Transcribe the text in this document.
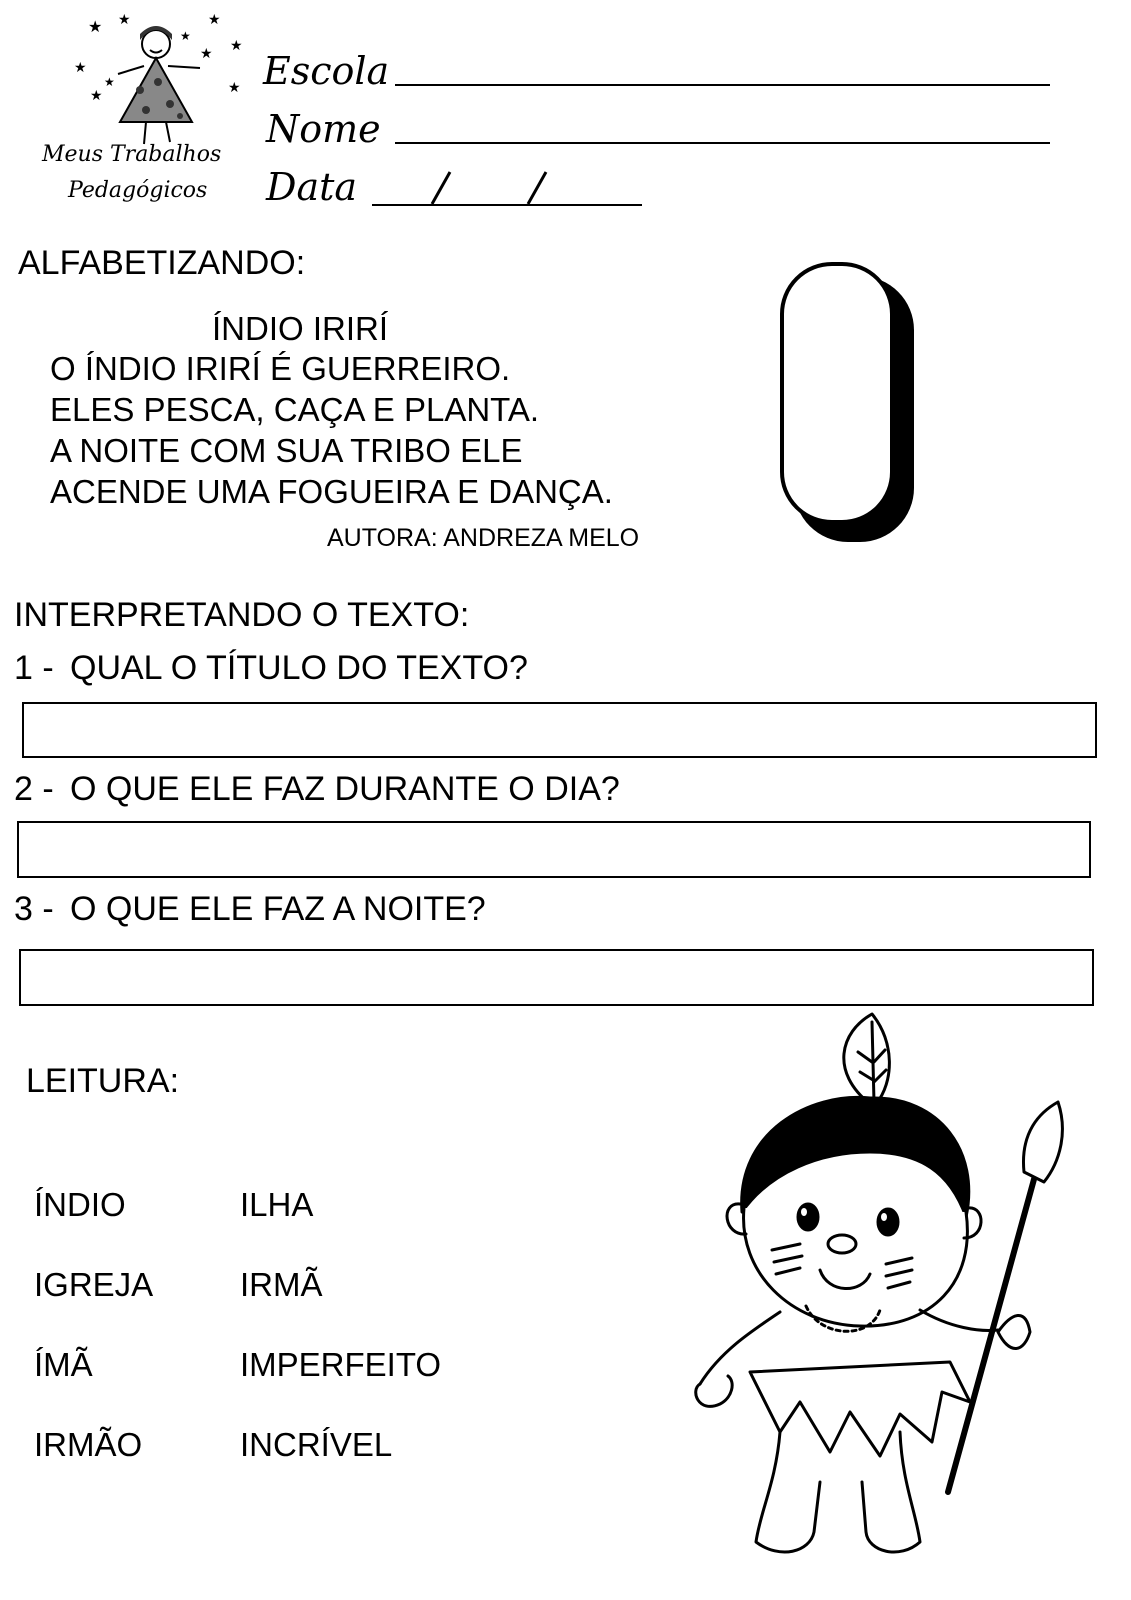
★ ★	★
★
★
★
★	★
★
★
Meus Trabalhos
Pedagógicos
Escola
Nome
Data
ALFABETIZANDO:
ÍNDIO IRIRÍ
O ÍNDIO IRIRÍ É GUERREIRO.
ELES PESCA, CAÇA E PLANTA.
A NOITE COM SUA TRIBO ELE
ACENDE UMA FOGUEIRA E DANÇA.
AUTORA: ANDREZA MELO
INTERPRETANDO O TEXTO:
1 - QUAL O TÍTULO DO TEXTO?
2 - O QUE ELE FAZ DURANTE O DIA?
3 - O QUE ELE FAZ A NOITE?
LEITURA:
ÍNDIO
IGREJA
ÍMÃ
IRMÃO
ILHA
IRMÃ
IMPERFEITO
INCRÍVEL
